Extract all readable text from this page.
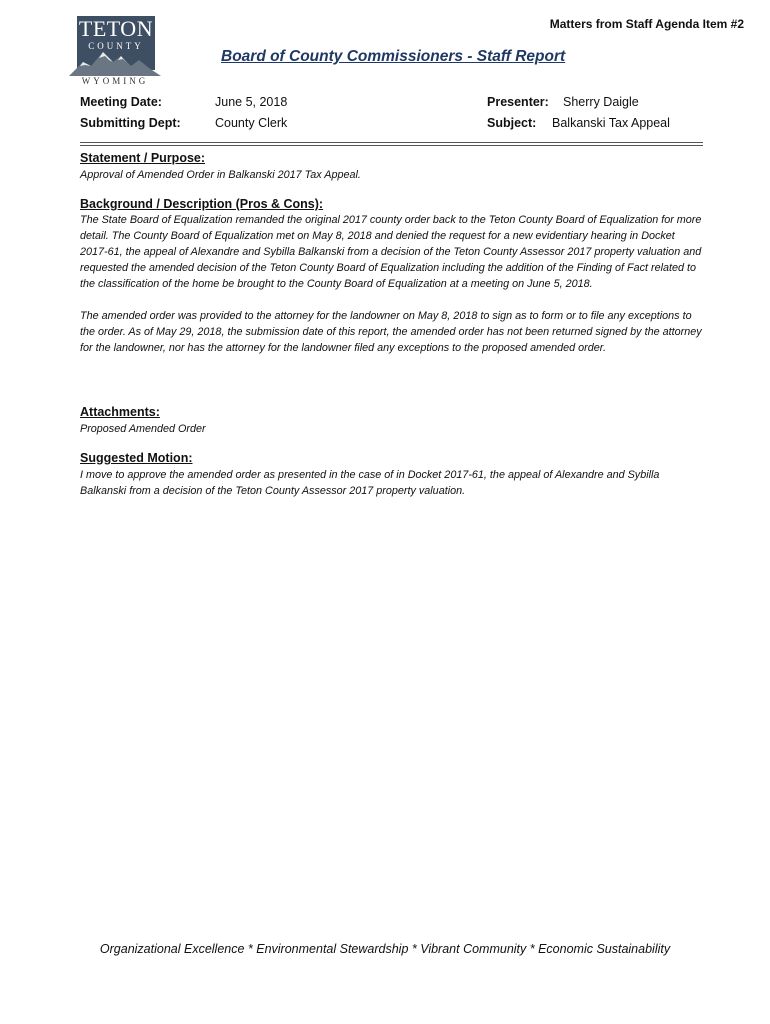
TETON
COUNTY
WYOMING
Matters from Staff Agenda Item #2
Board of County Commissioners - Staff Report
Meeting Date:	June 5, 2018
Submitting Dept:	County Clerk
Presenter: Sherry Daigle
Subject: Balkanski Tax Appeal
Statement / Purpose:
Approval of Amended Order in Balkanski 2017 Tax Appeal.
Background / Description (Pros & Cons):

The State Board of Equalization remanded the original 2017 county order back to the Teton County Board of Equalization for more detail. The County Board of Equalization met on May 8, 2018 and denied the request for a new evidentiary hearing in Docket 2017-61, the appeal of Alexandre and Sybilla Balkanski from a decision of the Teton County Assessor 2017 property valuation and requested the amended decision of the Teton County Board of Equalization including the addition of the Finding of Fact related to the classification of the home be brought to the County Board of Equalization at a meeting on June 5, 2018.

The amended order was provided to the attorney for the landowner on May 8, 2018 to sign as to form or to file any exceptions to the order. As of May 29, 2018, the submission date of this report, the amended order has not been returned signed by the attorney for the landowner, nor has the attorney for the landowner filed any exceptions to the proposed amended order.

Attachments:
Proposed Amended Order
Suggested Motion:
I move to approve the amended order as presented in the case of in Docket 2017-61, the appeal of Alexandre and Sybilla Balkanski from a decision of the Teton County Assessor 2017 property valuation.
Organizational Excellence * Environmental Stewardship * Vibrant Community * Economic Sustainability
